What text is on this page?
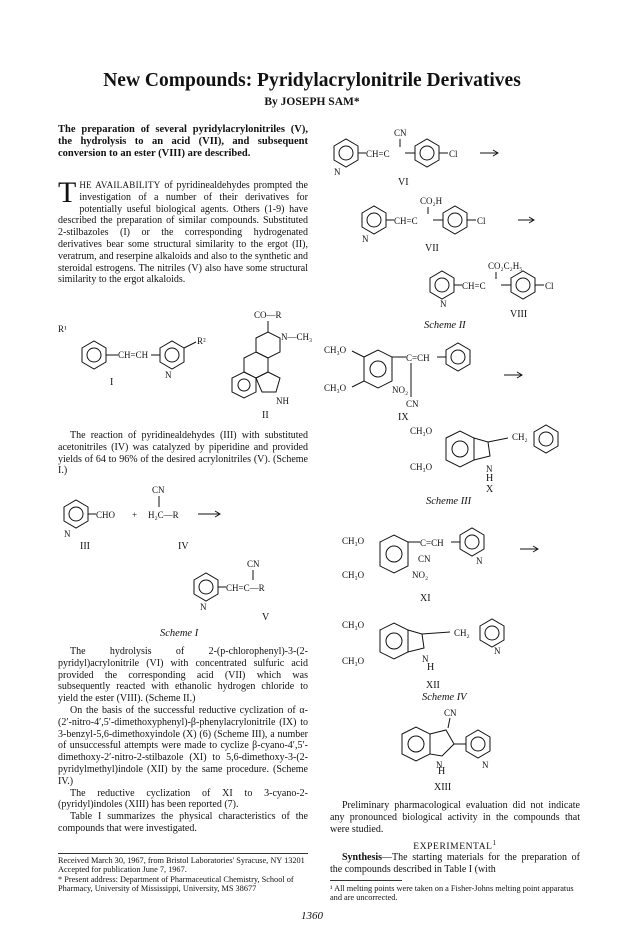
New Compounds: Pyridylacrylonitrile Derivatives
By JOSEPH SAM*
The preparation of several pyridylacrylonitriles (V), the hydrolysis to an acid (VII), and subsequent conversion to an ester (VIII) are described.
THE AVAILABILITY of pyridinealdehydes prompted the investigation of a number of their derivatives for potentially useful biological agents. Others (1-9) have described the preparation of similar compounds. Substituted 2-stilbazoles (I) or the corresponding hydrogenated derivatives bear some structural similarity to the ergot (II), veratrum, and reserpine alkaloids and also to the synthetic and steroidal estrogens. The nitriles (V) also have some structural similarity to the ergot alkaloids.
R¹
CH=CH
N
R²
I
CO—R
N—CH₃
NH
II

The reaction of pyridinealdehydes (III) with substituted acetonitriles (IV) was catalyzed by piperidine and provided yields of 64 to 96% of the desired acrylonitriles (V). (Scheme I.)

N
CHO +
CN
H₂C—R
III	IV
CN
N
CH=C—R
V
Scheme I

The hydrolysis of 2-(p-chlorophenyl)-3-(2-pyridyl)acrylonitrile (VI) with concentrated sulfuric acid provided the corresponding acid (VII) which was subsequently reacted with ethanolic hydrogen chloride to yield the ester (VIII). (Scheme II.)

On the basis of the successful reductive cyclization of α-(2′-nitro-4′,5′-dimethoxyphenyl)-β-phenylacrylonitrile (IX) to 3-benzyl-5,6-dimethoxyindole (X) (6) (Scheme III), a number of unsuccessful attempts were made to cyclize β-cyano-4′,5′-dimethoxy-2′-nitro-2-stilbazole (XI) to 5,6-dimethoxy-3-(2-pyridylmethyl)indole (XII) by the same procedure. (Scheme IV.)

The reductive cyclization of XI to 3-cyano-2-(pyridyl)indoles (XIII) has been reported (7).

Table I summarizes the physical characteristics of the compounds that were investigated.

Received March 30, 1967, from Bristol Laboratories' Syracuse, NY 13201
Accepted for publication June 7, 1967.
* Present address: Department of Pharmaceutical Chemistry, School of Pharmacy, University of Mississippi, University, MS 38677
N
CH=C
CN
Cl
VI
N
CH=C
CO₂H
Cl
VII
N
CH=C
CO₂C₂H₅
Cl
VIII
Scheme II
CH₃O
CH₃O
C=CH
NO₂
CN
IX
CH₃O
CH₃O	N
CH₂
H
X
Scheme III
CH₃O
CH₃O
C=CH
N
CN
NO₂
XI
CH₃O
CH₃O	N
CH₂
N
H
XII
Scheme IV
CN
N	N
H
XIII

Preliminary pharmacological evaluation did not indicate any pronounced biological activity in the compounds that were studied.

EXPERIMENTAL$^1$

Synthesis—The starting materials for the preparation of the compounds described in Table I (with

¹ All melting points were taken on a Fisher-Johns melting point apparatus and are uncorrected.
1360
